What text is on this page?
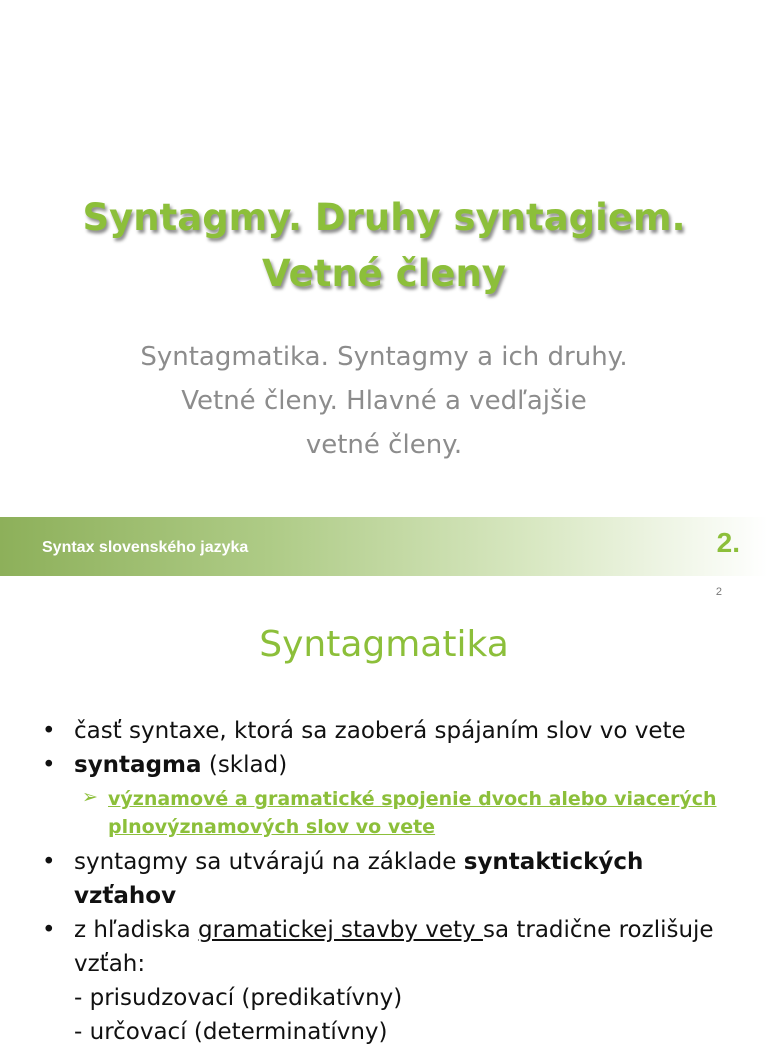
Syntagmy. Druhy syntagiem.
Vetné členy
Syntagmatika. Syntagmy a ich druhy.
Vetné členy. Hlavné a vedľajšie
vetné členy.
Syntax slovenského jazyka	2.
2
Syntagmatika
• časť syntaxe, ktorá sa zaoberá spájaním slov vo vete
• syntagma (sklad)
➢ významové a gramatické spojenie dvoch alebo viacerých plnovýznamových slov vo vete
• syntagmy sa utvárajú na základe syntaktických vzťahov
• z hľadiska gramatickej stavby vety sa tradične rozlišuje vzťah:
- prisudzovací (predikatívny)
- určovací (determinatívny)
